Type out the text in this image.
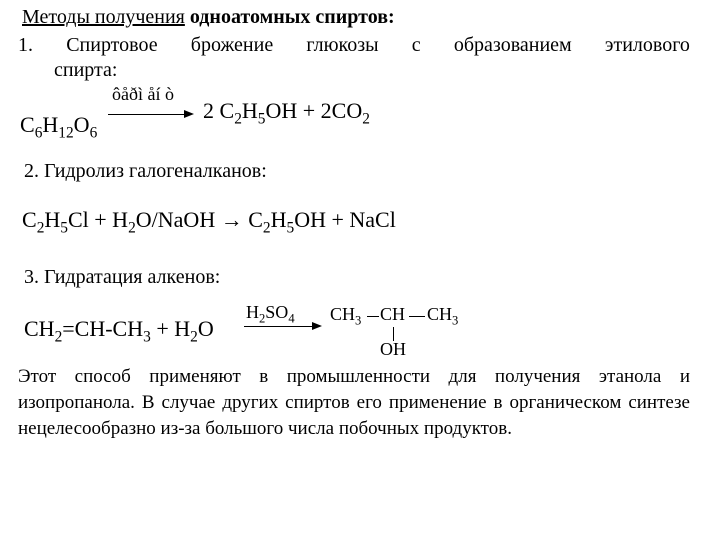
Методы получения одноатомных спиртов:
1. Спиртовое брожение глюкозы с образованием этилового
спирта:
$C_6H_{12}O_6$
ôåðì åí ò
2 $C_2H_5OH + 2CO_2$
2. Гидролиз галогеналканов:
$C_2H_5Cl$ + $H_2O$/NaOH → $C_2H_5OH$ + NaCl
3. Гидратация алкенов:
$CH_2=CH-CH_3 + H_2O$
$H_2SO_4$ $CH_3$ CH $CH_3$
OH
Этот способ применяют в промышленности для получения этанола и изопропанола. В случае других спиртов его применение в органическом синтезе нецелесообразно из-за большого числа побочных продуктов.
